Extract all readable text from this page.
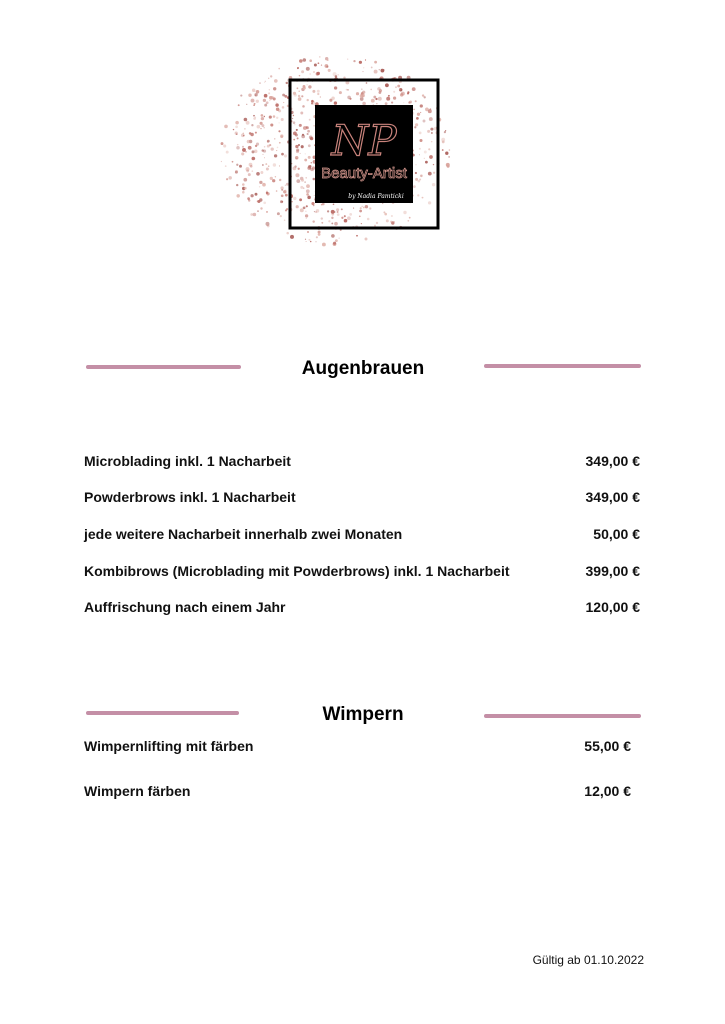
NP
Beauty-Artist
by Nadia Pamticki
Augenbrauen
Microblading inkl. 1 Nacharbeit	349,00 €
Powderbrows inkl. 1 Nacharbeit	349,00 €
jede weitere Nacharbeit innerhalb zwei Monaten	50,00 €
Kombibrows (Microblading mit Powderbrows) inkl. 1 Nacharbeit	399,00 €
Auffrischung nach einem Jahr	120,00 €
Wimpern
Wimpernlifting mit färben	55,00 €
Wimpern färben	12,00 €
Gültig ab 01.10.2022
